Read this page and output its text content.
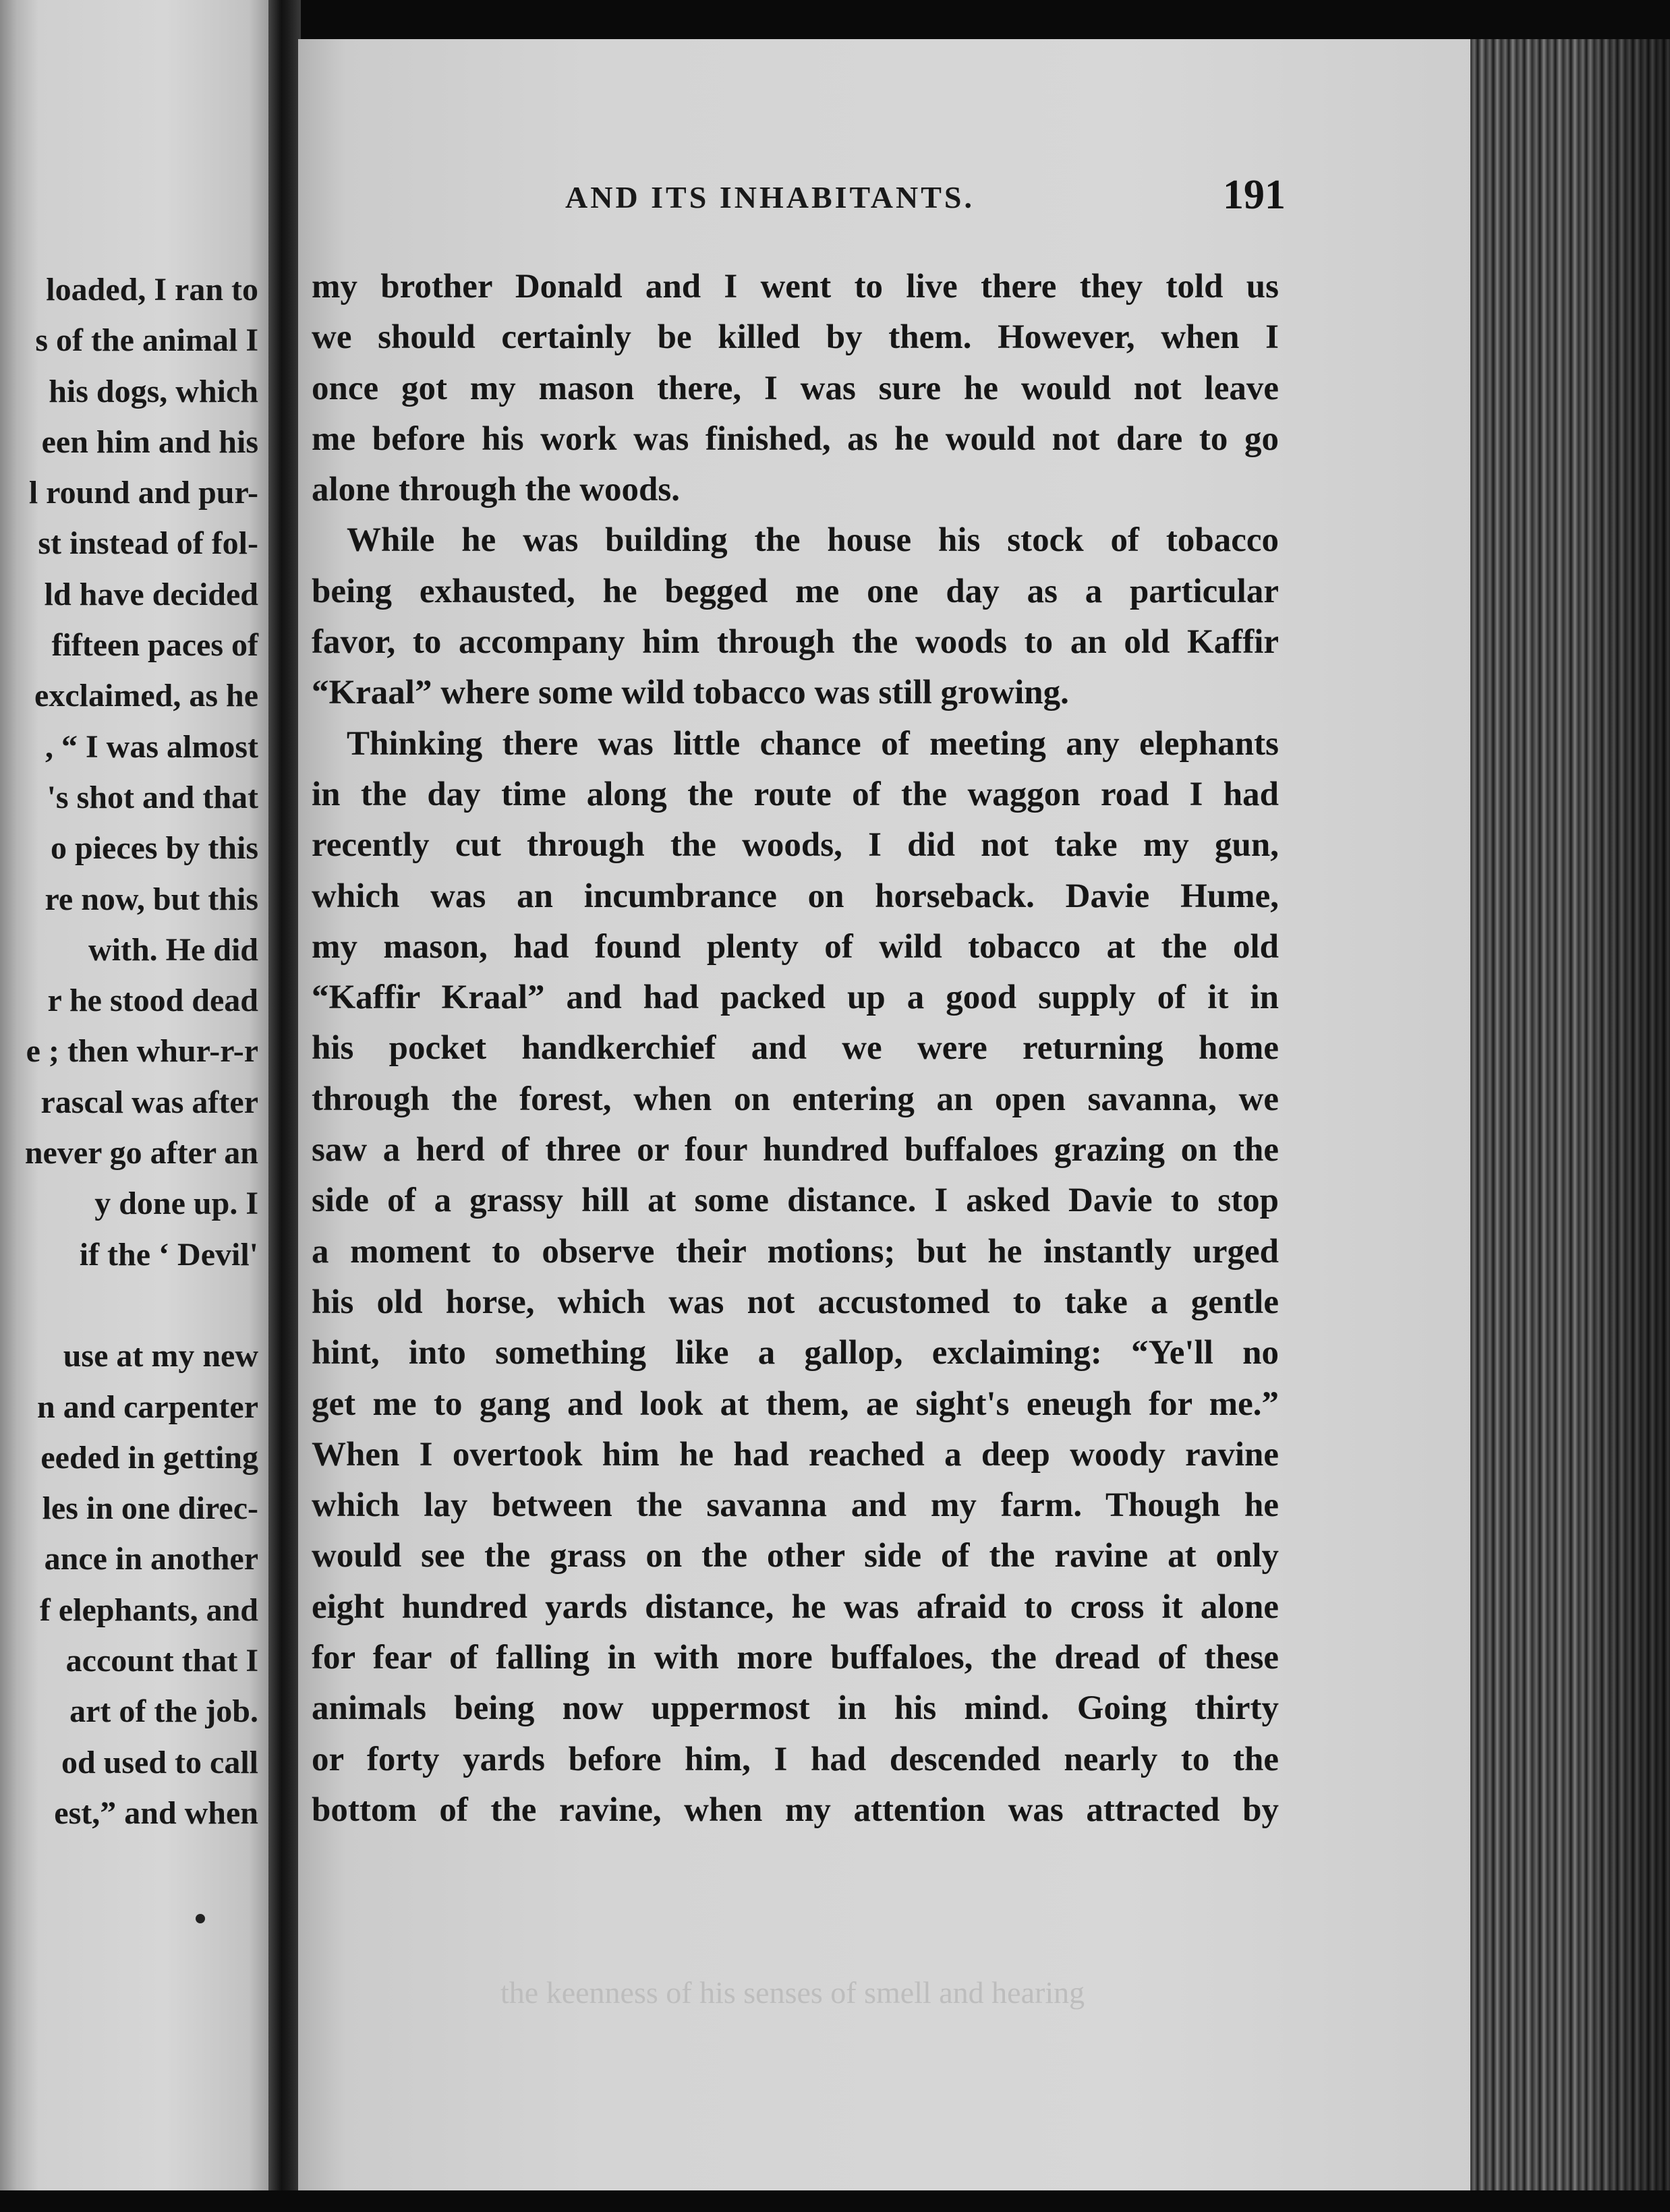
loaded, I ran to
s of the animal I
his dogs, which
een him and his
l round and pur-
st instead of fol-
ld have decided
fifteen paces of
exclaimed, as he
, “ I was almost
's shot and that
o pieces by this
re now, but this
with. He did
r he stood dead
e ; then whur-r-r
rascal was after
never go after an
y done up. I
if the ‘ Devil'
use at my new
n and carpenter
eeded in getting
les in one direc-
ance in another
f elephants, and
account that I
art of the job.
od used to call
est,” and when
AND ITS INHABITANTS.	191
my brother Donald and I went to live there they told us
we should certainly be killed by them. However, when I
once got my mason there, I was sure he would not leave
me before his work was finished, as he would not dare to go
alone through the woods.
While he was building the house his stock of tobacco
being exhausted, he begged me one day as a particular
favor, to accompany him through the woods to an old Kaffir
“Kraal” where some wild tobacco was still growing.
Thinking there was little chance of meeting any elephants
in the day time along the route of the waggon road I had
recently cut through the woods, I did not take my gun,
which was an incumbrance on horseback. Davie Hume,
my mason, had found plenty of wild tobacco at the old
“Kaffir Kraal” and had packed up a good supply of it in
his pocket handkerchief and we were returning home
through the forest, when on entering an open savanna, we
saw a herd of three or four hundred buffaloes grazing on the
side of a grassy hill at some distance. I asked Davie to stop
a moment to observe their motions; but he instantly urged
his old horse, which was not accustomed to take a gentle
hint, into something like a gallop, exclaiming: “Ye'll no
get me to gang and look at them, ae sight's eneugh for me.”
When I overtook him he had reached a deep woody ravine
which lay between the savanna and my farm. Though he
would see the grass on the other side of the ravine at only
eight hundred yards distance, he was afraid to cross it alone
for fear of falling in with more buffaloes, the dread of these
animals being now uppermost in his mind. Going thirty
or forty yards before him, I had descended nearly to the
bottom of the ravine, when my attention was attracted by
the keenness of his senses of smell and hearing
